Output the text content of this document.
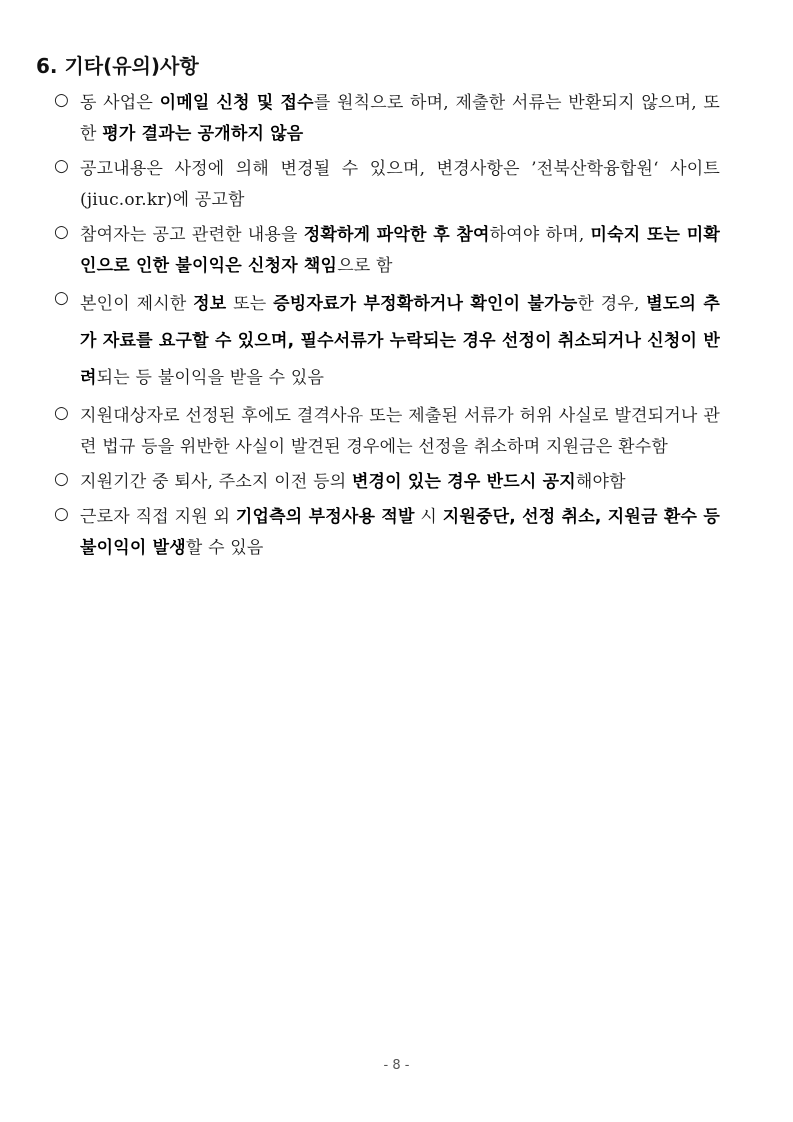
6. 기타(유의)사항
○ 동 사업은 이메일 신청 및 접수를 원칙으로 하며, 제출한 서류는 반환되지 않으며, 또한 평가 결과는 공개하지 않음
○ 공고내용은 사정에 의해 변경될 수 있으며, 변경사항은 ’전북산학융합원‘ 사이트(jiuc.or.kr)에 공고함
○ 참여자는 공고 관련한 내용을 정확하게 파악한 후 참여하여야 하며, 미숙지 또는 미확인으로 인한 불이익은 신청자 책임으로 함
○ 본인이 제시한 정보 또는 증빙자료가 부정확하거나 확인이 불가능한 경우, 별도의 추가 자료를 요구할 수 있으며, 필수서류가 누락되는 경우 선정이 취소되거나 신청이 반려되는 등 불이익을 받을 수 있음
○ 지원대상자로 선정된 후에도 결격사유 또는 제출된 서류가 허위 사실로 발견되거나 관련 법규 등을 위반한 사실이 발견된 경우에는 선정을 취소하며 지원금은 환수함
○ 지원기간 중 퇴사, 주소지 이전 등의 변경이 있는 경우 반드시 공지해야함
○ 근로자 직접 지원 외 기업측의 부정사용 적발 시 지원중단, 선정 취소, 지원금 환수 등 불이익이 발생할 수 있음
- 8 -
